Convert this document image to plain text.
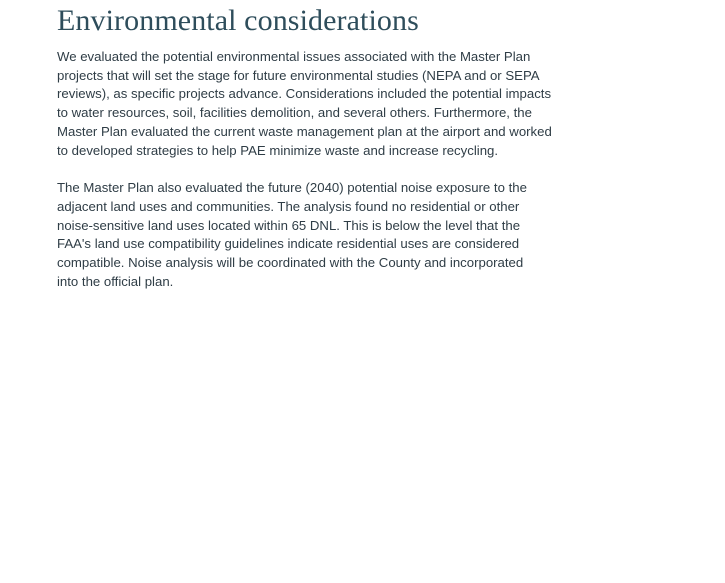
Environmental considerations

We evaluated the potential environmental issues associated with the Master Plan projects that will set the stage for future environmental studies (NEPA and or SEPA reviews), as specific projects advance. Considerations included the potential impacts to water resources, soil, facilities demolition, and several others. Furthermore, the Master Plan evaluated the current waste management plan at the airport and worked to developed strategies to help PAE minimize waste and increase recycling.

The Master Plan also evaluated the future (2040) potential noise exposure to the adjacent land uses and communities. The analysis found no residential or other noise-sensitive land uses located within 65 DNL. This is below the level that the FAA's land use compatibility guidelines indicate residential uses are considered compatible. Noise analysis will be coordinated with the County and incorporated into the official plan.
